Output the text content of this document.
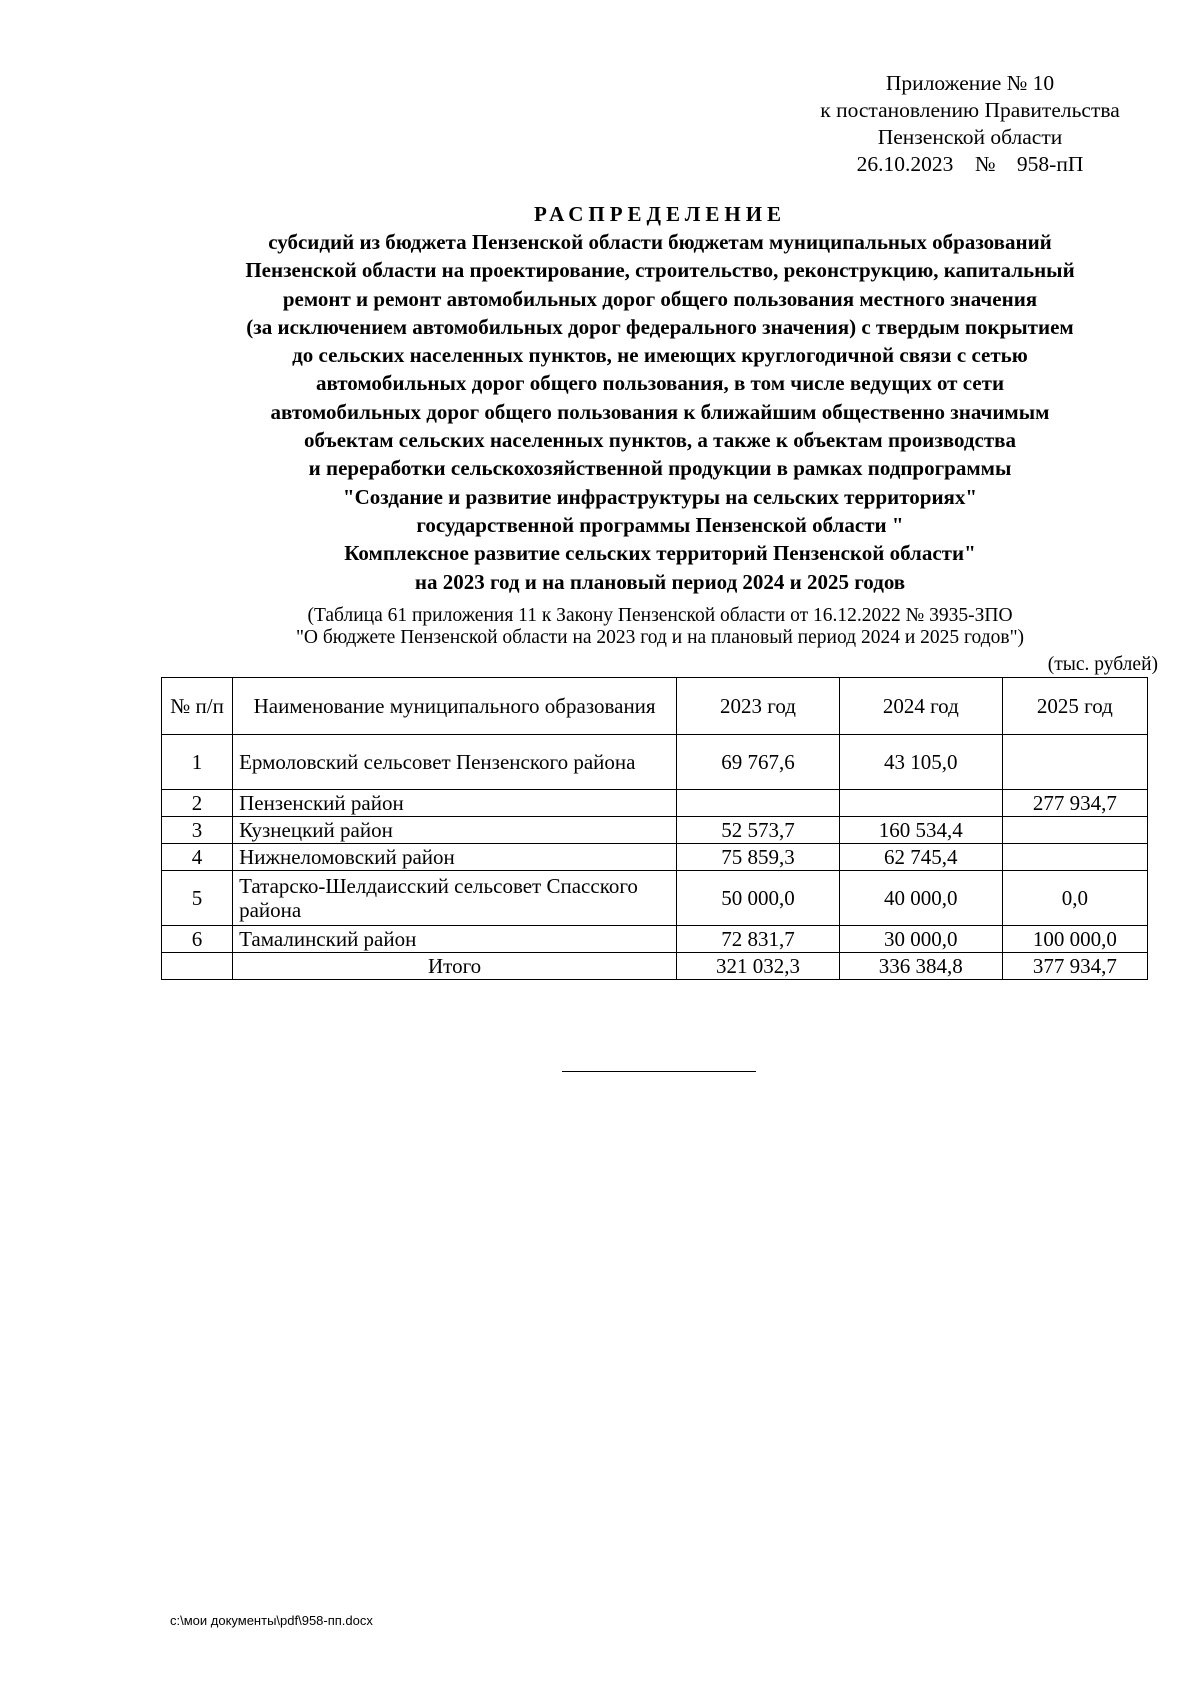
Приложение № 10
к постановлению Правительства
Пензенской области
26.10.2023    №    958-пП
РАСПРЕДЕЛЕНИЕ
субсидий из бюджета Пензенской области бюджетам муниципальных образований
Пензенской области на проектирование, строительство, реконструкцию, капитальный
ремонт и ремонт автомобильных дорог общего пользования местного значения
(за исключением автомобильных дорог федерального значения) с твердым покрытием
до сельских населенных пунктов, не имеющих круглогодичной связи с сетью
автомобильных дорог общего пользования, в том числе ведущих от сети
автомобильных дорог общего пользования к ближайшим общественно значимым
объектам сельских населенных пунктов, а также к объектам производства
и переработки сельскохозяйственной продукции в рамках подпрограммы
"Создание и развитие инфраструктуры на сельских территориях"
государственной программы Пензенской области "
Комплексное развитие сельских территорий Пензенской области"
на 2023 год и на плановый период 2024 и 2025 годов
(Таблица 61 приложения 11 к Закону Пензенской области от 16.12.2022 № 3935-ЗПО
"О бюджете Пензенской области на 2023 год и на плановый период 2024 и 2025 годов")
(тыс. рублей)
№ п/п	Наименование муниципального образования	2023 год	2024 год	2025 год
1	Ермоловский сельсовет Пензенского района	69 767,6	43 105,0	
2	Пензенский район			277 934,7
3	Кузнецкий район	52 573,7	160 534,4	
4	Нижнеломовский район	75 859,3	62 745,4	
5	Татарско-Шелдаисский сельсовет Спасского района	50 000,0	40 000,0	0,0
6	Тамалинский район	72 831,7	30 000,0	100 000,0
	Итого	321 032,3	336 384,8	377 934,7
c:\мои документы\pdf\958-пп.docx
